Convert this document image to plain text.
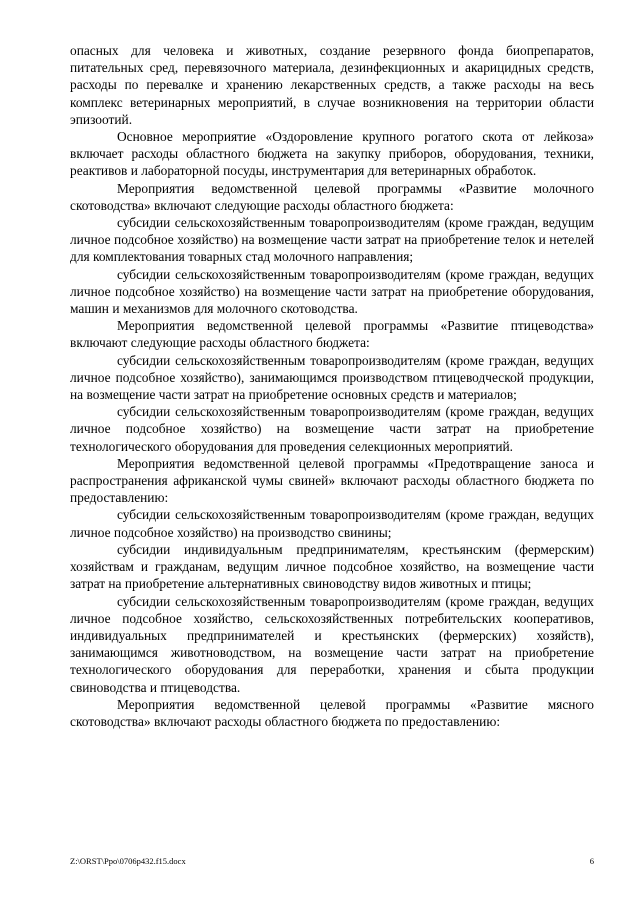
опасных для человека и животных, создание резервного фонда биопрепаратов, питательных сред, перевязочного материала, дезинфекционных и акарицидных средств, расходы по перевалке и хранению лекарственных средств, а также расходы на весь комплекс ветеринарных мероприятий, в случае возникновения на территории области эпизоотий.

Основное мероприятие «Оздоровление крупного рогатого скота от лейкоза» включает расходы областного бюджета на закупку приборов, оборудования, техники, реактивов и лабораторной посуды, инструментария для ветеринарных обработок.

Мероприятия ведомственной целевой программы «Развитие молочного скотоводства» включают следующие расходы областного бюджета:

субсидии сельскохозяйственным товаропроизводителям (кроме граждан, ведущим личное подсобное хозяйство) на возмещение части затрат на приобретение телок и нетелей для комплектования товарных стад молочного направления;

субсидии сельскохозяйственным товаропроизводителям (кроме граждан, ведущих личное подсобное хозяйство) на возмещение части затрат на приобретение оборудования, машин и механизмов для молочного скотоводства.

Мероприятия ведомственной целевой программы «Развитие птицеводства» включают следующие расходы областного бюджета:

субсидии сельскохозяйственным товаропроизводителям (кроме граждан, ведущих личное подсобное хозяйство), занимающимся производством птицеводческой продукции, на возмещение части затрат на приобретение основных средств и материалов;

субсидии сельскохозяйственным товаропроизводителям (кроме граждан, ведущих личное подсобное хозяйство) на возмещение части затрат на приобретение технологического оборудования для проведения селекционных мероприятий.

Мероприятия ведомственной целевой программы «Предотвращение заноса и распространения африканской чумы свиней» включают расходы областного бюджета по предоставлению:

субсидии сельскохозяйственным товаропроизводителям (кроме граждан, ведущих личное подсобное хозяйство) на производство свинины;

субсидии индивидуальным предпринимателям, крестьянским (фермерским) хозяйствам и гражданам, ведущим личное подсобное хозяйство, на возмещение части затрат на приобретение альтернативных свиноводству видов животных и птицы;

субсидии сельскохозяйственным товаропроизводителям (кроме граждан, ведущих личное подсобное хозяйство, сельскохозяйственных потребительских кооперативов, индивидуальных предпринимателей и крестьянских (фермерских) хозяйств), занимающимся животноводством, на возмещение части затрат на приобретение технологического оборудования для переработки, хранения и сбыта продукции свиноводства и птицеводства.

Мероприятия ведомственной целевой программы «Развитие мясного скотоводства» включают расходы областного бюджета по предоставлению:

Z:\ORST\Ppo\0706p432.f15.docx	6
